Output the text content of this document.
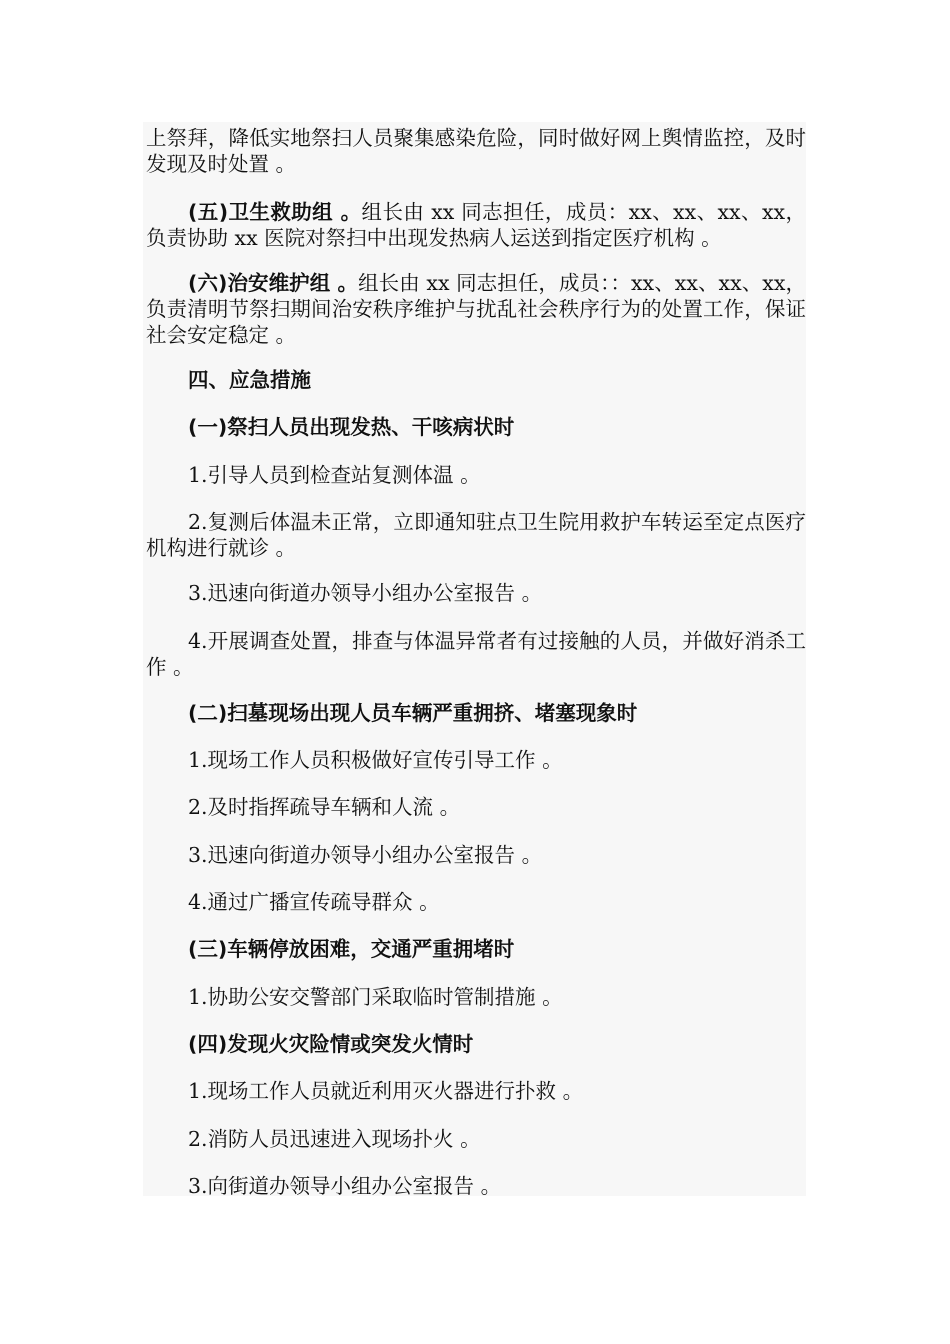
上祭拜，降低实地祭扫人员聚集感染危险，同时做好网上舆情监控，及时发现及时处置 。

(五)卫生救助组 。组长由 xx 同志担任，成员：xx、xx、xx、xx，负责协助 xx 医院对祭扫中出现发热病人运送到指定医疗机构 。

(六)治安维护组 。组长由 xx 同志担任，成员：：xx、xx、xx、xx，负责清明节祭扫期间治安秩序维护与扰乱社会秩序行为的处置工作，保证社会安定稳定 。

四、应急措施

(一)祭扫人员出现发热、干咳病状时

1.引导人员到检查站复测体温 。

2.复测后体温未正常，立即通知驻点卫生院用救护车转运至定点医疗机构进行就诊 。

3.迅速向街道办领导小组办公室报告 。

4.开展调查处置，排查与体温异常者有过接触的人员，并做好消杀工作 。

(二)扫墓现场出现人员车辆严重拥挤、堵塞现象时

1.现场工作人员积极做好宣传引导工作 。

2.及时指挥疏导车辆和人流 。

3.迅速向街道办领导小组办公室报告 。

4.通过广播宣传疏导群众 。

(三)车辆停放困难，交通严重拥堵时

1.协助公安交警部门采取临时管制措施 。

(四)发现火灾险情或突发火情时

1.现场工作人员就近利用灭火器进行扑救 。

2.消防人员迅速进入现场扑火 。

3.向街道办领导小组办公室报告 。
